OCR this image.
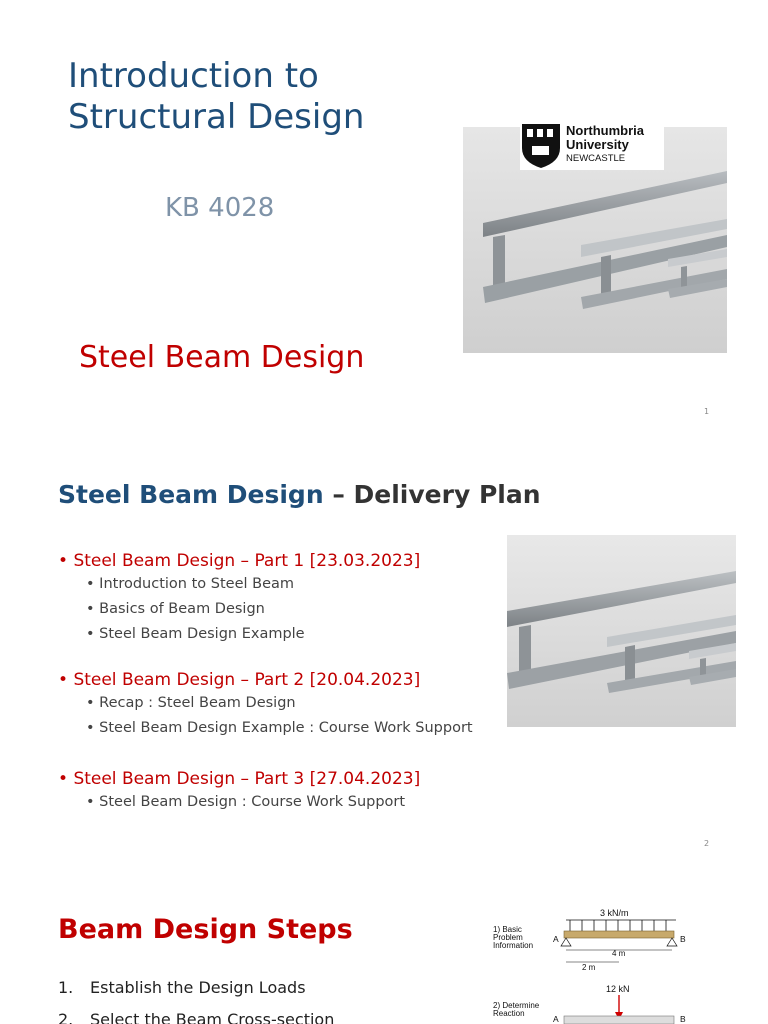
Introduction to
Structural Design
KB 4028
Steel Beam Design
Northumbria
University
NEWCASTLE
1
Steel Beam Design – Delivery Plan
• Steel Beam Design – Part 1 [23.03.2023]
• Introduction to Steel Beam
• Basics of Beam Design
• Steel Beam Design Example
• Steel Beam Design – Part 2 [20.04.2023]
• Recap : Steel Beam Design
• Steel Beam Design Example : Course Work Support
• Steel Beam Design – Part 3 [27.04.2023]
• Steel Beam Design : Course Work Support
2
Beam Design Steps
1. Establish the Design Loads
2. Select the Beam Cross-section
3 kN/m
1) Basic
Problem
Information
A	B
4 m
2 m
12 kN
2) Determine
Reaction
A	B
